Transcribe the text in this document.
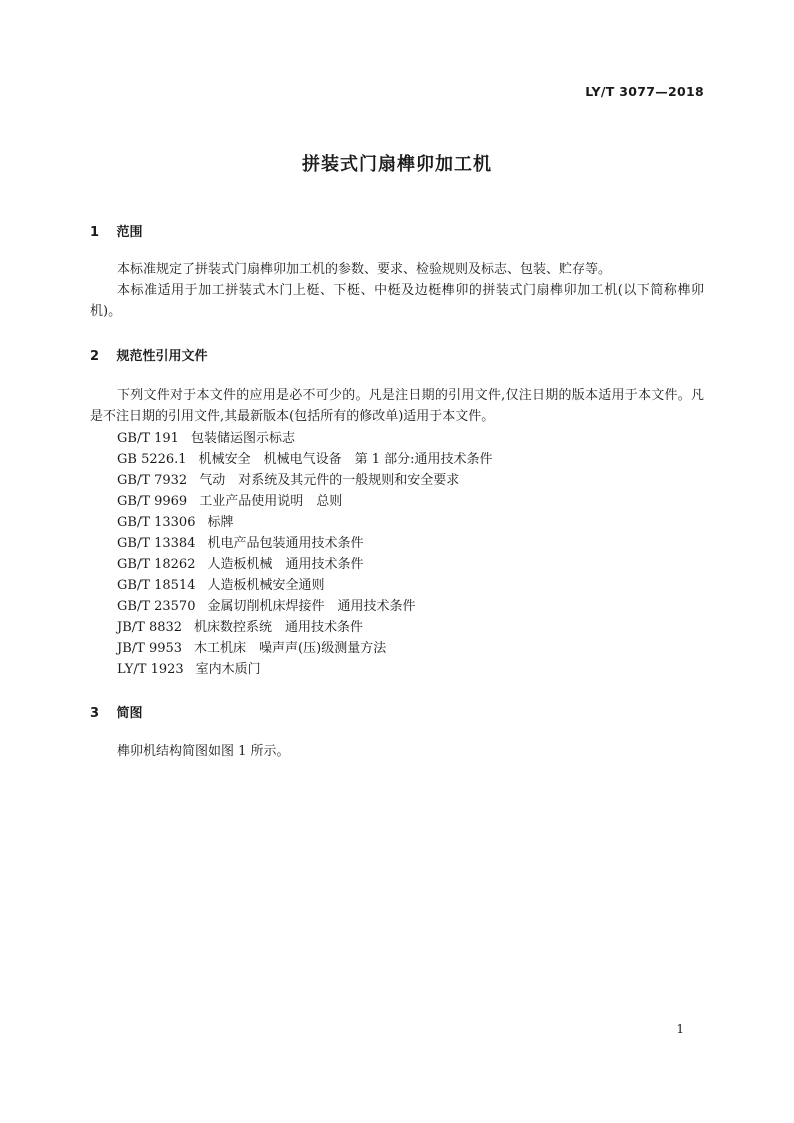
LY/T 3077—2018
拼装式门扇榫卯加工机
1 范围

本标准规定了拼装式门扇榫卯加工机的参数、要求、检验规则及标志、包装、贮存等。

本标准适用于加工拼装式木门上梃、下梃、中梃及边梃榫卯的拼装式门扇榫卯加工机(以下简称榫卯机)。

2 规范性引用文件

下列文件对于本文件的应用是必不可少的。凡是注日期的引用文件,仅注日期的版本适用于本文件。凡是不注日期的引用文件,其最新版本(包括所有的修改单)适用于本文件。

GB/T 191 包装储运图示标志
GB 5226.1 机械安全　机械电气设备　第 1 部分:通用技术条件
GB/T 7932 气动　对系统及其元件的一般规则和安全要求
GB/T 9969 工业产品使用说明　总则
GB/T 13306 标牌
GB/T 13384 机电产品包装通用技术条件
GB/T 18262 人造板机械　通用技术条件
GB/T 18514 人造板机械安全通则
GB/T 23570 金属切削机床焊接件　通用技术条件
JB/T 8832 机床数控系统　通用技术条件
JB/T 9953 木工机床　噪声声(压)级测量方法
LY/T 1923 室内木质门
3 简图

榫卯机结构简图如图 1 所示。

1
